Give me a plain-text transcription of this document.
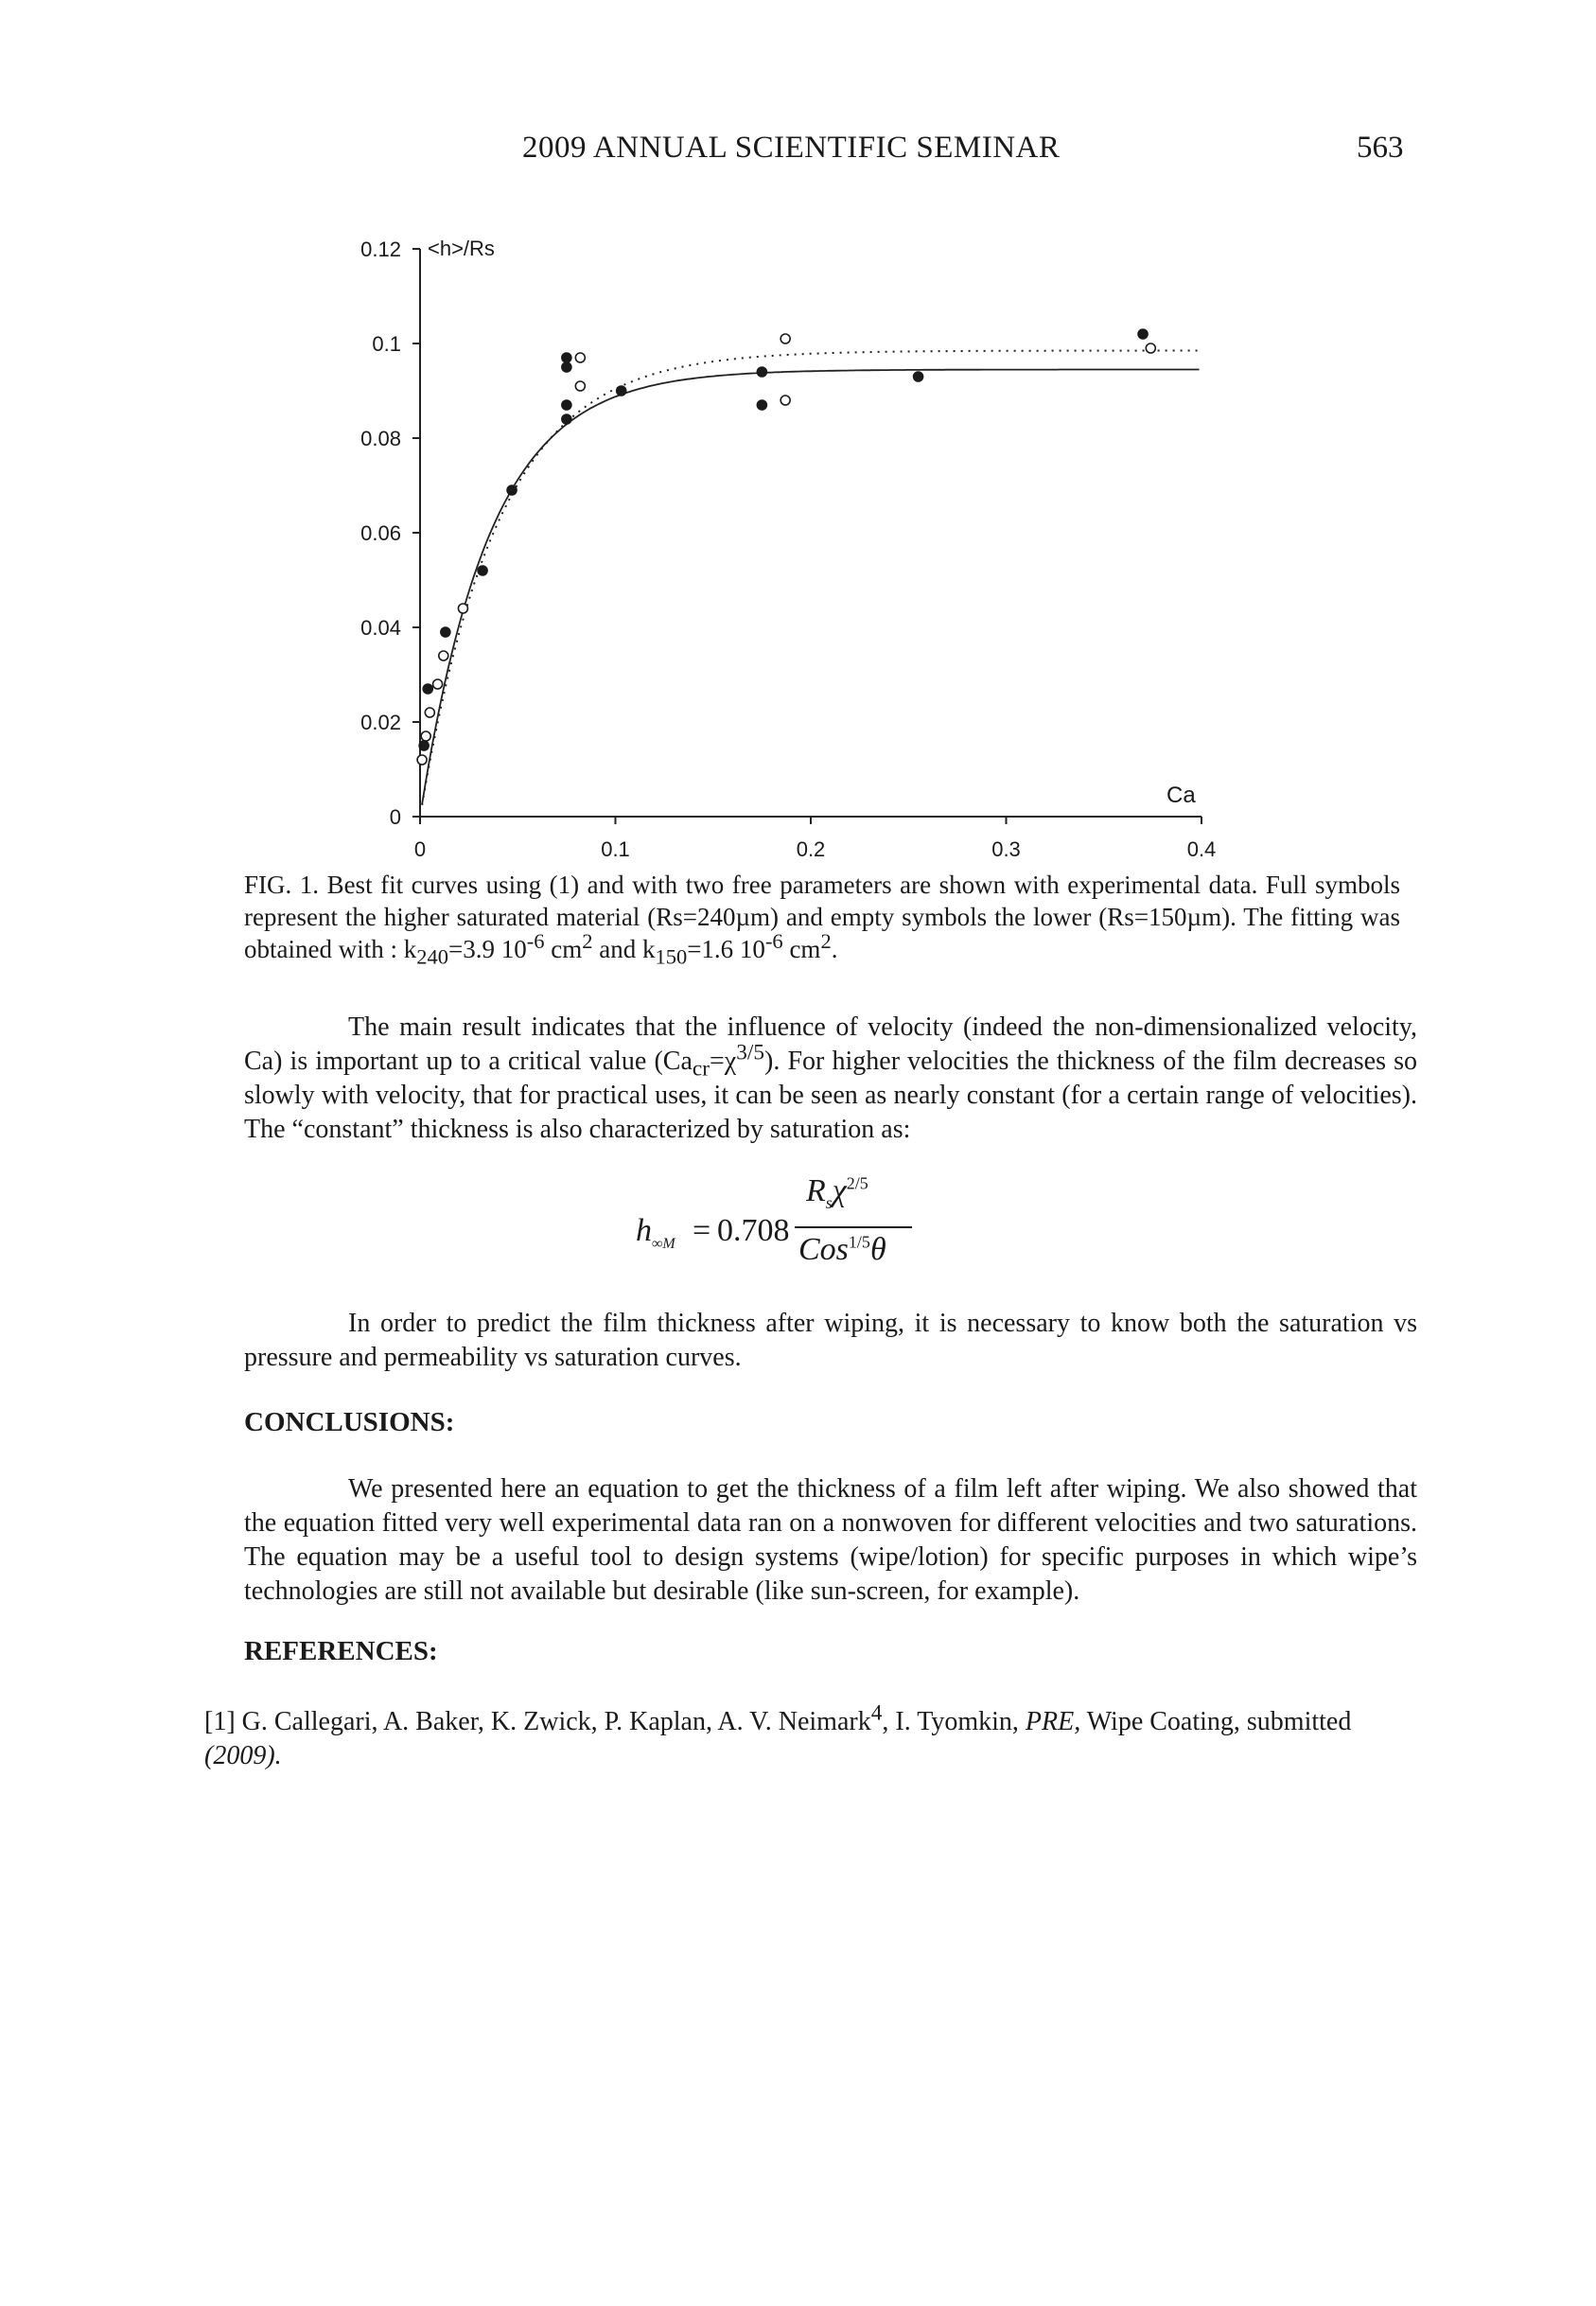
2009 ANNUAL SCIENTIFIC SEMINAR	563
0
0.02
0.04
0.06
0.08
0.1
0.12
0	0.1	0.2	0.3	0.4
<h>/Rs
Ca
FIG. 1. Best fit curves using (1) and with two free parameters are shown with experimental data. Full symbols represent the higher saturated material (Rs=240µm) and empty symbols the lower (Rs=150µm). The fitting was obtained with : $k_{240}=3.9$ $10^{-6}$ $cm^2$ and $k_{150}=1.6$ $10^{-6}$ $cm^2$.
The main result indicates that the influence of velocity (indeed the non-dimensionalized velocity, Ca) is important up to a critical value $(Ca_{cr}=\chi^{3/5})$. For higher velocities the thickness of the film decreases so slowly with velocity, that for practical uses, it can be seen as nearly constant (for a certain range of velocities). The “constant” thickness is also characterized by saturation as:
$h_{\infty M} = 0.708$
$R_s\chi^{2/5}$
Cos$^{1/5}$θ
In order to predict the film thickness after wiping, it is necessary to know both the saturation vs pressure and permeability vs saturation curves.
CONCLUSIONS:
We presented here an equation to get the thickness of a film left after wiping. We also showed that the equation fitted very well experimental data ran on a nonwoven for different velocities and two saturations. The equation may be a useful tool to design systems (wipe/lotion) for specific purposes in which wipe’s technologies are still not available but desirable (like sun-screen, for example).
REFERENCES:
[1] G. Callegari, A. Baker, K. Zwick, P. Kaplan, A. V. Neimark$^4$, I. Tyomkin, PRE, Wipe Coating, submitted (2009).
